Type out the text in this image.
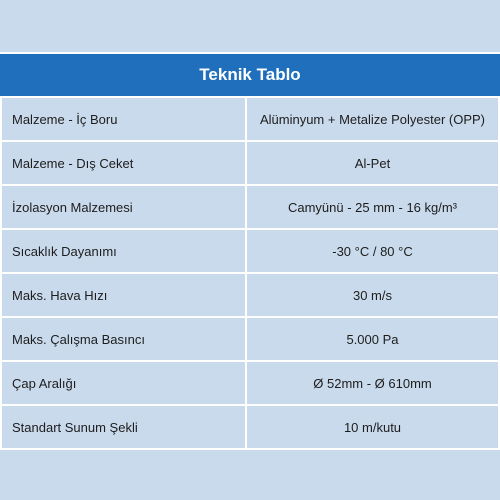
Teknik Tablo
Malzeme - İç Boru	Alüminyum + Metalize Polyester (OPP)
Malzeme - Dış Ceket	Al-Pet
İzolasyon Malzemesi	Camyünü - 25 mm - 16 kg/m³
Sıcaklık Dayanımı	-30 °C / 80 °C
Maks. Hava Hızı	30 m/s
Maks. Çalışma Basıncı	5.000 Pa
Çap Aralığı	Ø 52mm - Ø 610mm
Standart Sunum Şekli	10 m/kutu
